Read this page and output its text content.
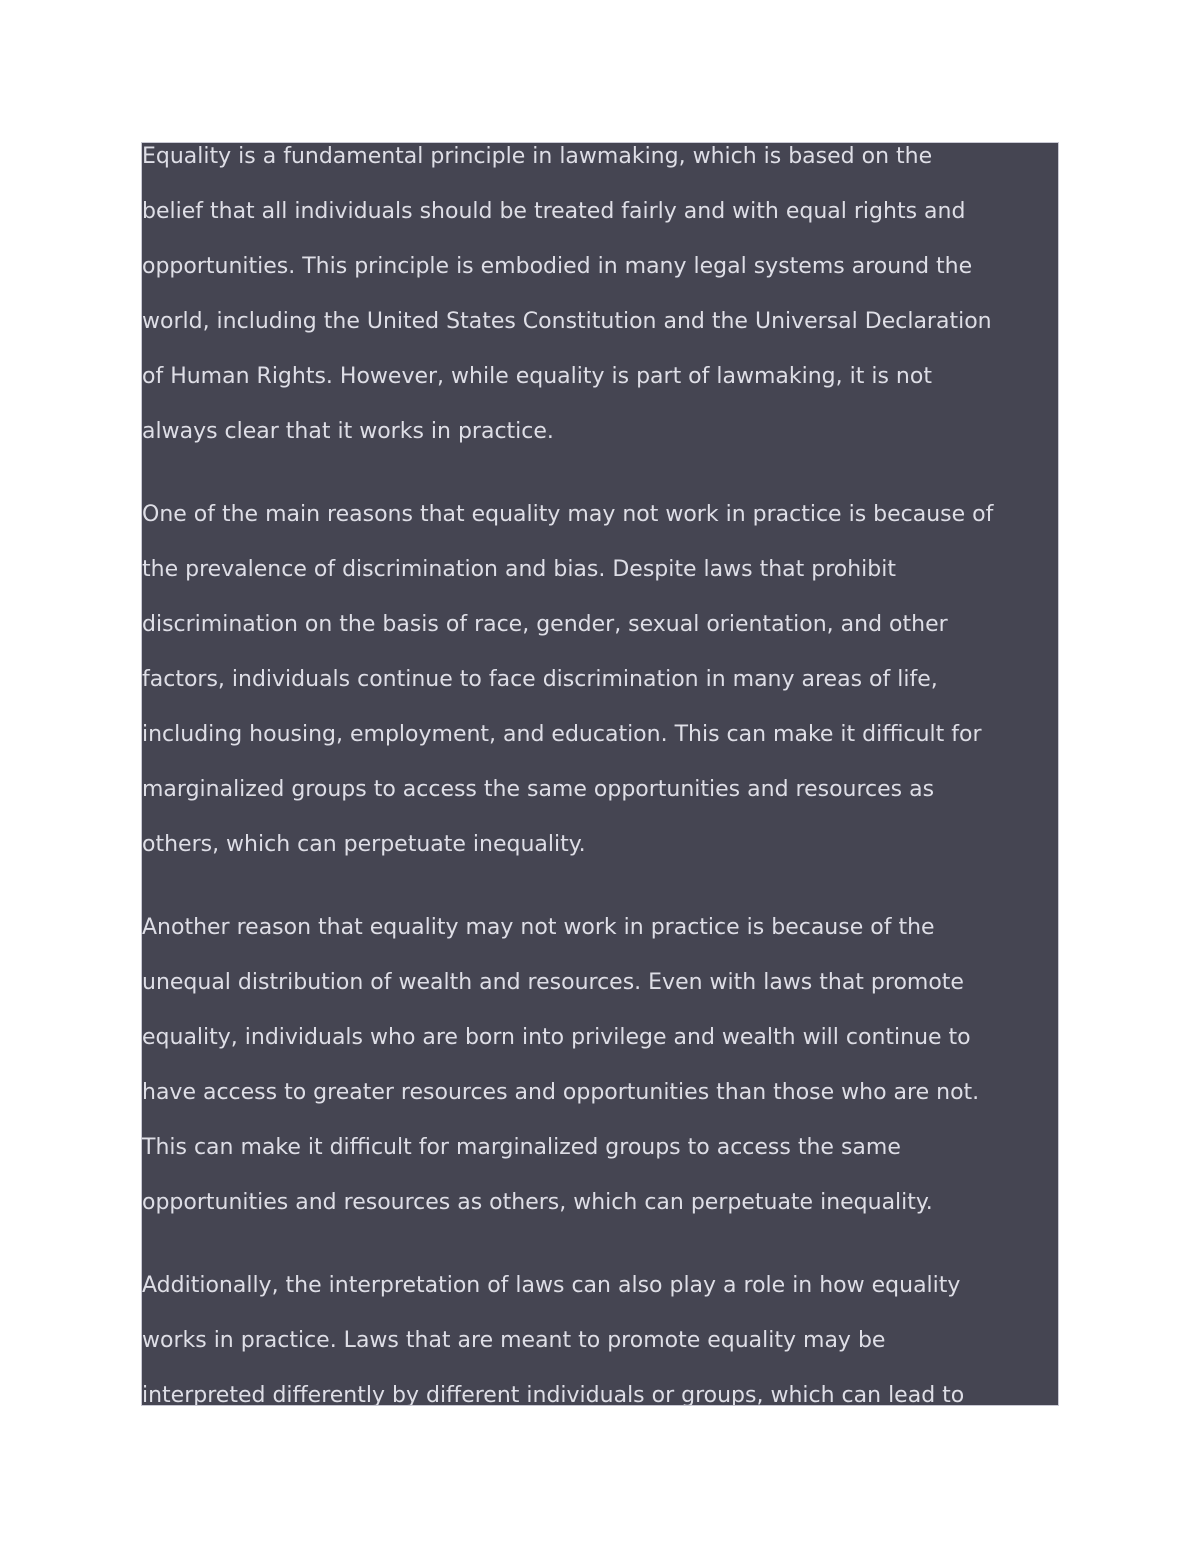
Equality is a fundamental principle in lawmaking, which is based on the
belief that all individuals should be treated fairly and with equal rights and
opportunities. This principle is embodied in many legal systems around the
world, including the United States Constitution and the Universal Declaration
of Human Rights. However, while equality is part of lawmaking, it is not
always clear that it works in practice.

One of the main reasons that equality may not work in practice is because of
the prevalence of discrimination and bias. Despite laws that prohibit
discrimination on the basis of race, gender, sexual orientation, and other
factors, individuals continue to face discrimination in many areas of life,
including housing, employment, and education. This can make it difficult for
marginalized groups to access the same opportunities and resources as
others, which can perpetuate inequality.

Another reason that equality may not work in practice is because of the
unequal distribution of wealth and resources. Even with laws that promote
equality, individuals who are born into privilege and wealth will continue to
have access to greater resources and opportunities than those who are not.
This can make it difficult for marginalized groups to access the same
opportunities and resources as others, which can perpetuate inequality.

Additionally, the interpretation of laws can also play a role in how equality
works in practice. Laws that are meant to promote equality may be
interpreted differently by different individuals or groups, which can lead to
